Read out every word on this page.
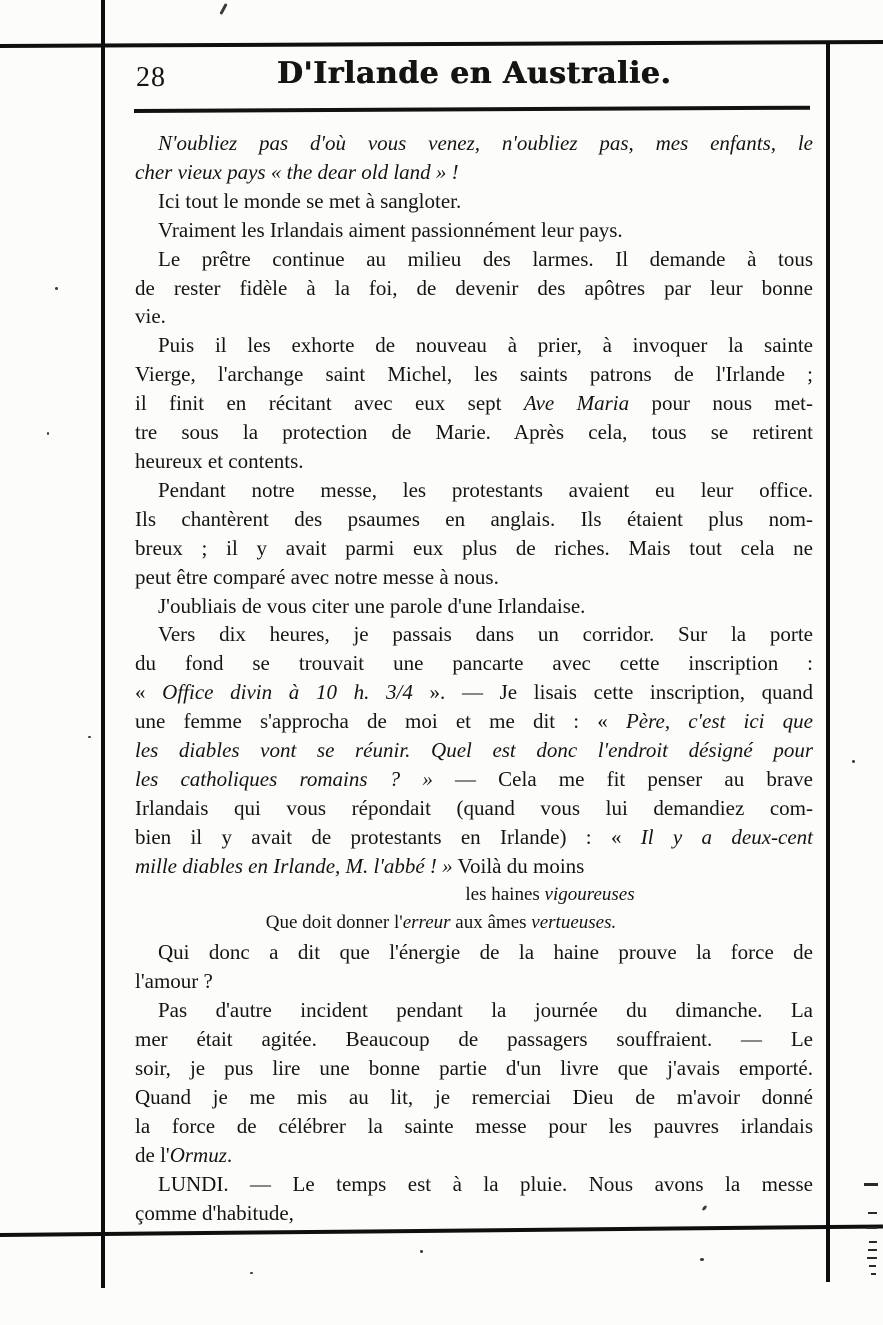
28	D'Irlande en Australie.
N'oubliez pas d'où vous venez, n'oubliez pas, mes enfants, le
cher vieux pays « the dear old land » !
Ici tout le monde se met à sangloter.
Vraiment les Irlandais aiment passionnément leur pays.
Le prêtre continue au milieu des larmes. Il demande à tous
de rester fidèle à la foi, de devenir des apôtres par leur bonne
vie.
Puis il les exhorte de nouveau à prier, à invoquer la sainte
Vierge, l'archange saint Michel, les saints patrons de l'Irlande ;
il finit en récitant avec eux sept Ave Maria pour nous met-
tre sous la protection de Marie. Après cela, tous se retirent
heureux et contents.
Pendant notre messe, les protestants avaient eu leur office.
Ils chantèrent des psaumes en anglais. Ils étaient plus nom-
breux ; il y avait parmi eux plus de riches. Mais tout cela ne
peut être comparé avec notre messe à nous.
J'oubliais de vous citer une parole d'une Irlandaise.
Vers dix heures, je passais dans un corridor. Sur la porte
du fond se trouvait une pancarte avec cette inscription :
« Office divin à 10 h. 3/4 ». — Je lisais cette inscription, quand
une femme s'approcha de moi et me dit : « Père, c'est ici que
les diables vont se réunir. Quel est donc l'endroit désigné pour
les catholiques romains ? » — Cela me fit penser au brave
Irlandais qui vous répondait (quand vous lui demandiez com-
bien il y avait de protestants en Irlande) : « Il y a deux-cent
mille diables en Irlande, M. l'abbé ! » Voilà du moins
les haines vigoureuses
Que doit donner l'erreur aux âmes vertueuses.
Qui donc a dit que l'énergie de la haine prouve la force de
l'amour ?
Pas d'autre incident pendant la journée du dimanche. La
mer était agitée. Beaucoup de passagers souffraient. — Le
soir, je pus lire une bonne partie d'un livre que j'avais emporté.
Quand je me mis au lit, je remerciai Dieu de m'avoir donné
la force de célébrer la sainte messe pour les pauvres irlandais
de l'Ormuz.
LUNDI. — Le temps est à la pluie. Nous avons la messe
çomme d'habitude,
